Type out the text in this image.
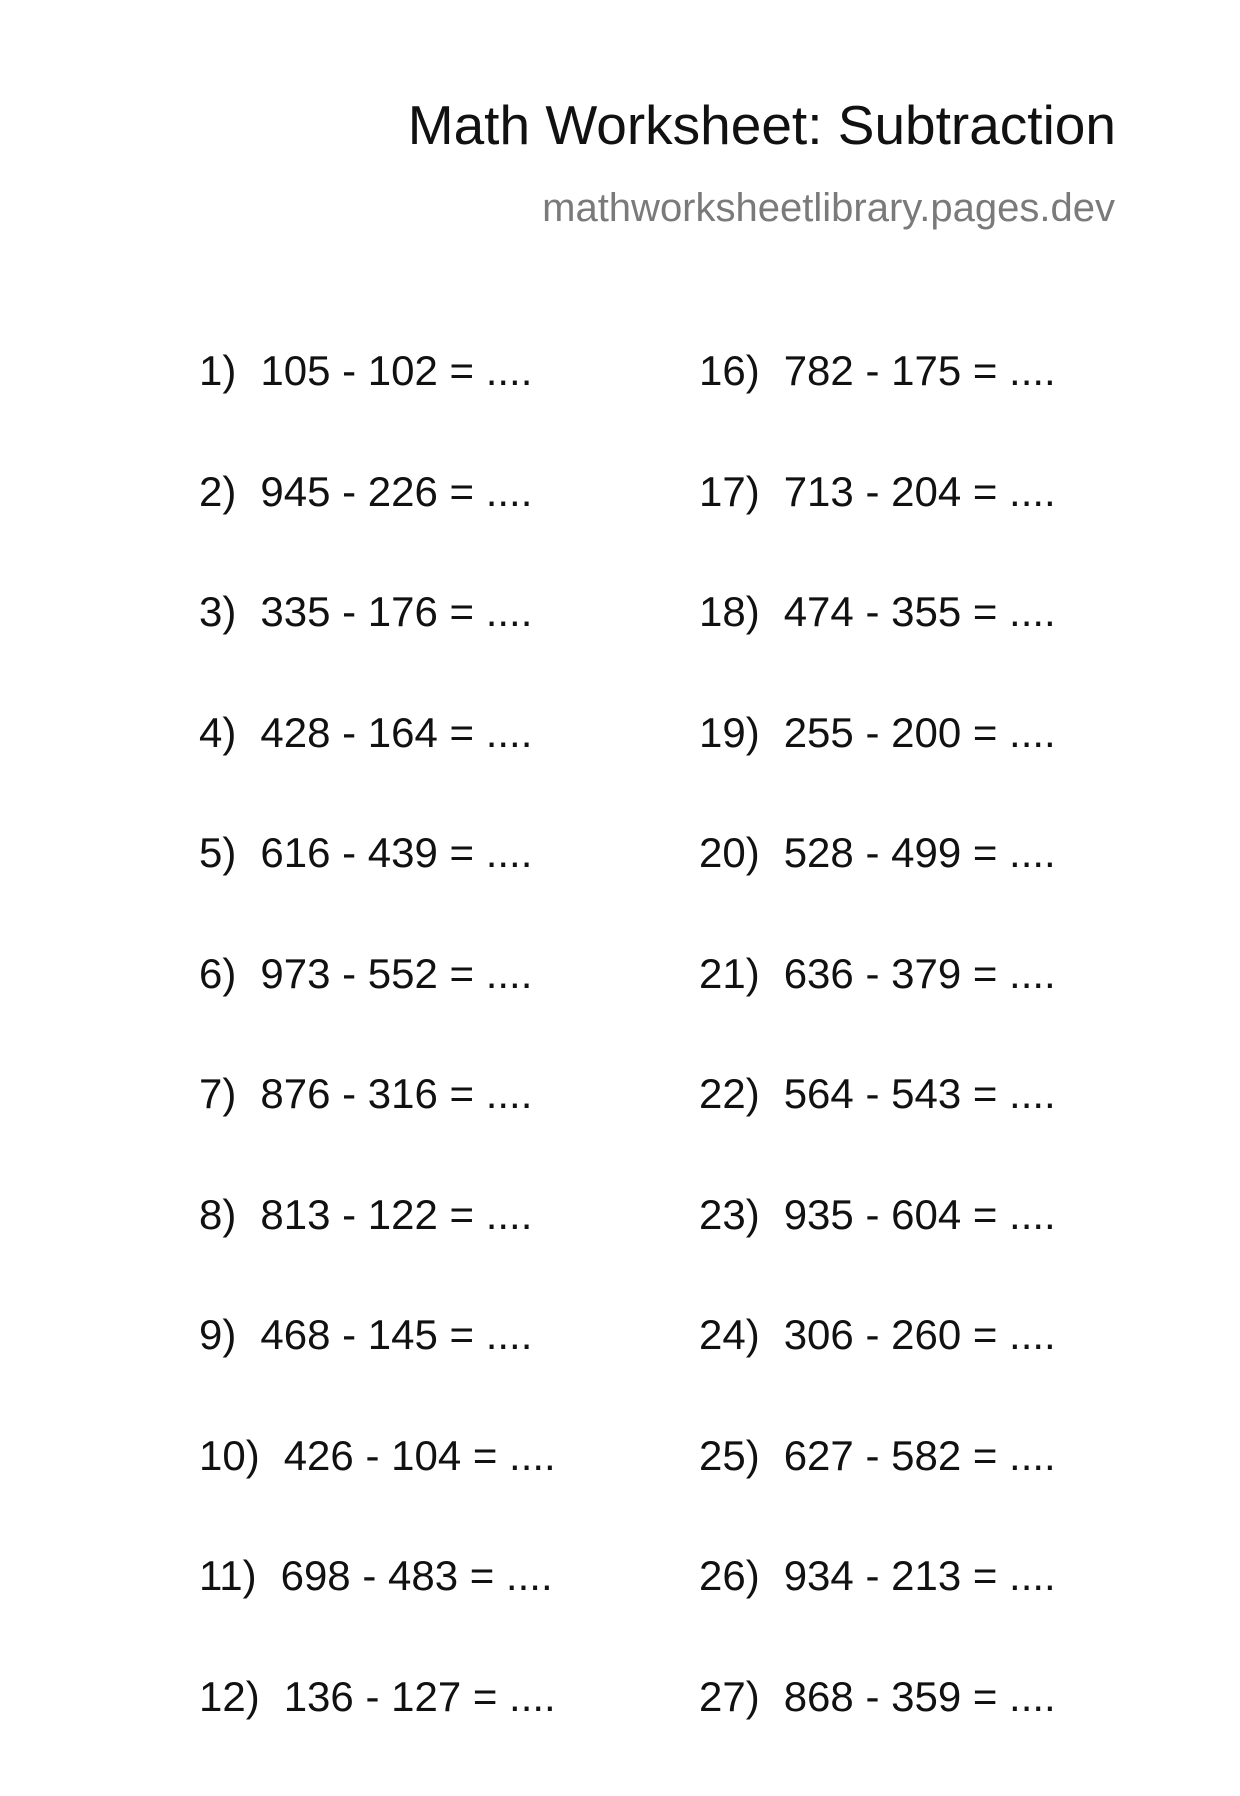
Math Worksheet: Subtraction
mathworksheetlibrary.pages.dev
1) 105 - 102 = ....
2) 945 - 226 = ....
3) 335 - 176 = ....
4) 428 - 164 = ....
5) 616 - 439 = ....
6) 973 - 552 = ....
7) 876 - 316 = ....
8) 813 - 122 = ....
9) 468 - 145 = ....
10) 426 - 104 = ....
11) 698 - 483 = ....
12) 136 - 127 = ....
16) 782 - 175 = ....
17) 713 - 204 = ....
18) 474 - 355 = ....
19) 255 - 200 = ....
20) 528 - 499 = ....
21) 636 - 379 = ....
22) 564 - 543 = ....
23) 935 - 604 = ....
24) 306 - 260 = ....
25) 627 - 582 = ....
26) 934 - 213 = ....
27) 868 - 359 = ....
